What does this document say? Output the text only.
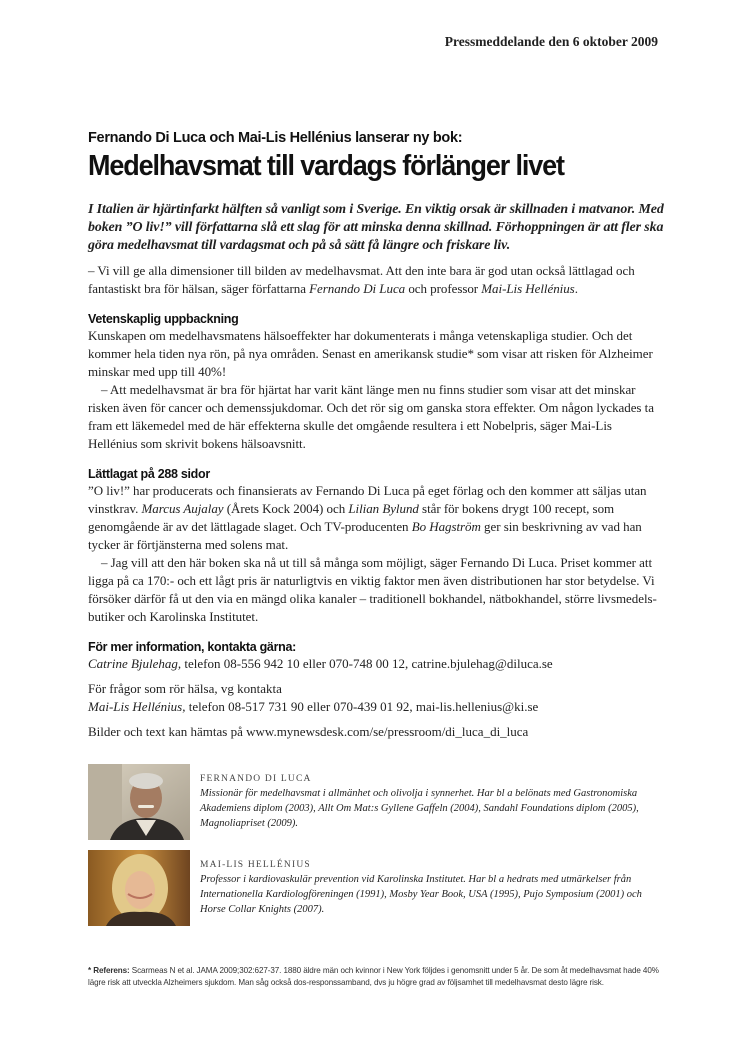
Pressmeddelande den 6 oktober 2009
Fernando Di Luca och Mai-Lis Hellénius lanserar ny bok:
Medelhavsmat till vardags förlänger livet

I Italien är hjärtinfarkt hälften så vanligt som i Sverige. En viktig orsak är skillnaden i matvanor. Med boken ”O liv!” vill författarna slå ett slag för att minska denna skillnad. Förhoppningen är att fler ska göra medelhavsmat till vardagsmat och på så sätt få längre och friskare liv.

– Vi vill ge alla dimensioner till bilden av medelhavsmat. Att den inte bara är god utan också lättlagad och fantastiskt bra för hälsan, säger författarna Fernando Di Luca och professor Mai-Lis Hellénius.

Vetenskaplig uppbackning

Kunskapen om medelhavsmatens hälsoeffekter har dokumenterats i många vetenskapliga studier. Och det kommer hela tiden nya rön, på nya områden. Senast en amerikansk studie* som visar att risken för Alzheimer minskar med upp till 40%!

– Att medelhavsmat är bra för hjärtat har varit känt länge men nu finns studier som visar att det minskar risken även för cancer och demenssjukdomar. Och det rör sig om ganska stora effekter. Om någon lyckades ta fram ett läkemedel med de här effekterna skulle det omgående resultera i ett Nobelpris, säger Mai-Lis Hellénius som skrivit bokens hälsoavsnitt.

Lättlagat på 288 sidor

”O liv!” har producerats och finansierats av Fernando Di Luca på eget förlag och den kommer att säljas utan vinstkrav. Marcus Aujalay (Årets Kock 2004) och Lilian Bylund står för bokens drygt 100 recept, som genomgående är av det lättlagade slaget. Och TV-producenten Bo Hagström ger sin beskrivning av vad han tycker är förtjänsterna med solens mat.

– Jag vill att den här boken ska nå ut till så många som möjligt, säger Fernando Di Luca. Priset kommer att ligga på ca 170:- och ett lågt pris är naturligtvis en viktig faktor men även distributionen har stor betydelse. Vi försöker därför få ut den via en mängd olika kanaler – traditionell bokhandel, nätbokhandel, större livsmedels-butiker och Karolinska Institutet.

För mer information, kontakta gärna:

Catrine Bjulehag, telefon 08-556 942 10 eller 070-748 00 12, catrine.bjulehag@diluca.se

För frågor som rör hälsa, vg kontakta

Mai-Lis Hellénius, telefon 08-517 731 90 eller 070-439 01 92, mai-lis.hellenius@ki.se

Bilder och text kan hämtas på www.mynewsdesk.com/se/pressroom/di_luca_di_luca

FERNANDO DI LUCA

Missionär för medelhavsmat i allmänhet och olivolja i synnerhet. Har bl a belönats med Gastronomiska Akademiens diplom (2003), Allt Om Mat:s Gyllene Gaffeln (2004), Sandahl Foundations diplom (2005), Magnoliapriset (2009).

MAI-LIS HELLÉNIUS

Professor i kardiovaskulär prevention vid Karolinska Institutet. Har bl a hedrats med utmärkelser från Internationella Kardiologföreningen (1991), Mosby Year Book, USA (1995), Pujo Symposium (2001) och Horse Collar Knights (2007).

* Referens: Scarmeas N et al. JAMA 2009;302:627-37. 1880 äldre män och kvinnor i New York följdes i genomsnitt under 5 år. De som åt medelhavsmat hade 40% lägre risk att utveckla Alzheimers sjukdom. Man såg också dos-responssamband, dvs ju högre grad av följsamhet till medelhavsmat desto lägre risk.
